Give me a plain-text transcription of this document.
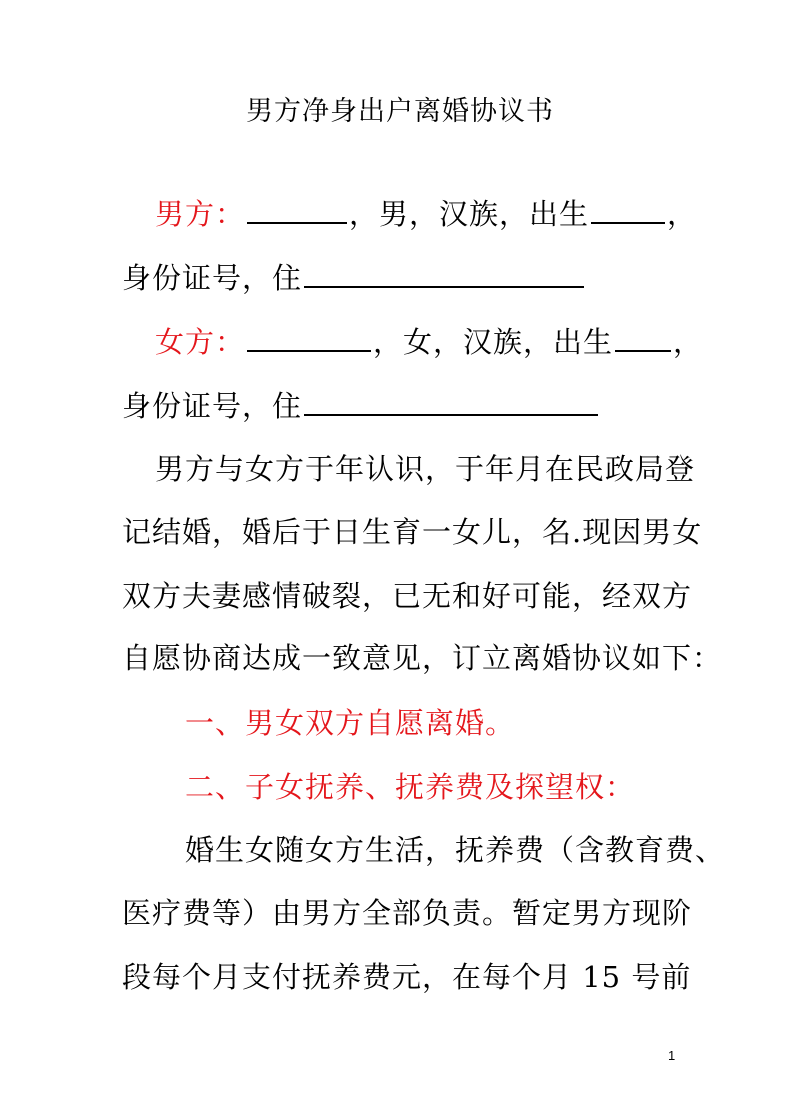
男方净身出户离婚协议书
男方：	，男，汉族，出生	，
身份证号，住
女方：	，女，汉族，出生 ，
身份证号，住
男方与女方于年认识，于年月在民政局登
记结婚，婚后于日生育一女儿，名.现因男女
双方夫妻感情破裂，已无和好可能，经双方
自愿协商达成一致意见，订立离婚协议如下：
一、男女双方自愿离婚。
二、子女抚养、抚养费及探望权：
婚生女随女方生活，抚养费（含教育费、
医疗费等）由男方全部负责。暂定男方现阶
段每个月支付抚养费元，在每个月 15 号前
1
